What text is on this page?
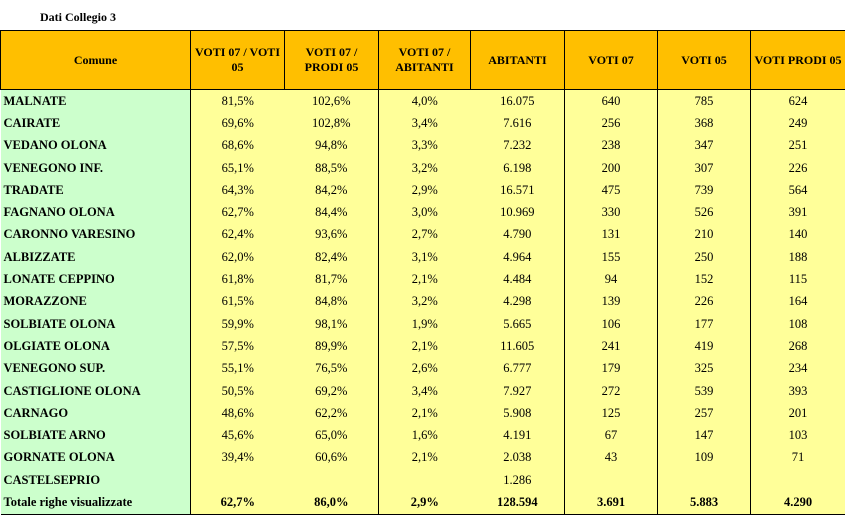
Dati Collegio 3
Comune	VOTI 07 / VOTI 05	VOTI 07 / PRODI 05	VOTI 07 / ABITANTI	ABITANTI	VOTI 07	VOTI 05	VOTI PRODI 05
MALNATE	81,5%	102,6%	4,0%	16.075	640	785	624
CAIRATE	69,6%	102,8%	3,4%	7.616	256	368	249
VEDANO OLONA	68,6%	94,8%	3,3%	7.232	238	347	251
VENEGONO INF.	65,1%	88,5%	3,2%	6.198	200	307	226
TRADATE	64,3%	84,2%	2,9%	16.571	475	739	564
FAGNANO OLONA	62,7%	84,4%	3,0%	10.969	330	526	391
CARONNO VARESINO	62,4%	93,6%	2,7%	4.790	131	210	140
ALBIZZATE	62,0%	82,4%	3,1%	4.964	155	250	188
LONATE CEPPINO	61,8%	81,7%	2,1%	4.484	94	152	115
MORAZZONE	61,5%	84,8%	3,2%	4.298	139	226	164
SOLBIATE OLONA	59,9%	98,1%	1,9%	5.665	106	177	108
OLGIATE OLONA	57,5%	89,9%	2,1%	11.605	241	419	268
VENEGONO SUP.	55,1%	76,5%	2,6%	6.777	179	325	234
CASTIGLIONE OLONA	50,5%	69,2%	3,4%	7.927	272	539	393
CARNAGO	48,6%	62,2%	2,1%	5.908	125	257	201
SOLBIATE ARNO	45,6%	65,0%	1,6%	4.191	67	147	103
GORNATE OLONA	39,4%	60,6%	2,1%	2.038	43	109	71
CASTELSEPRIO				1.286			
Totale righe visualizzate	62,7%	86,0%	2,9%	128.594	3.691	5.883	4.290
